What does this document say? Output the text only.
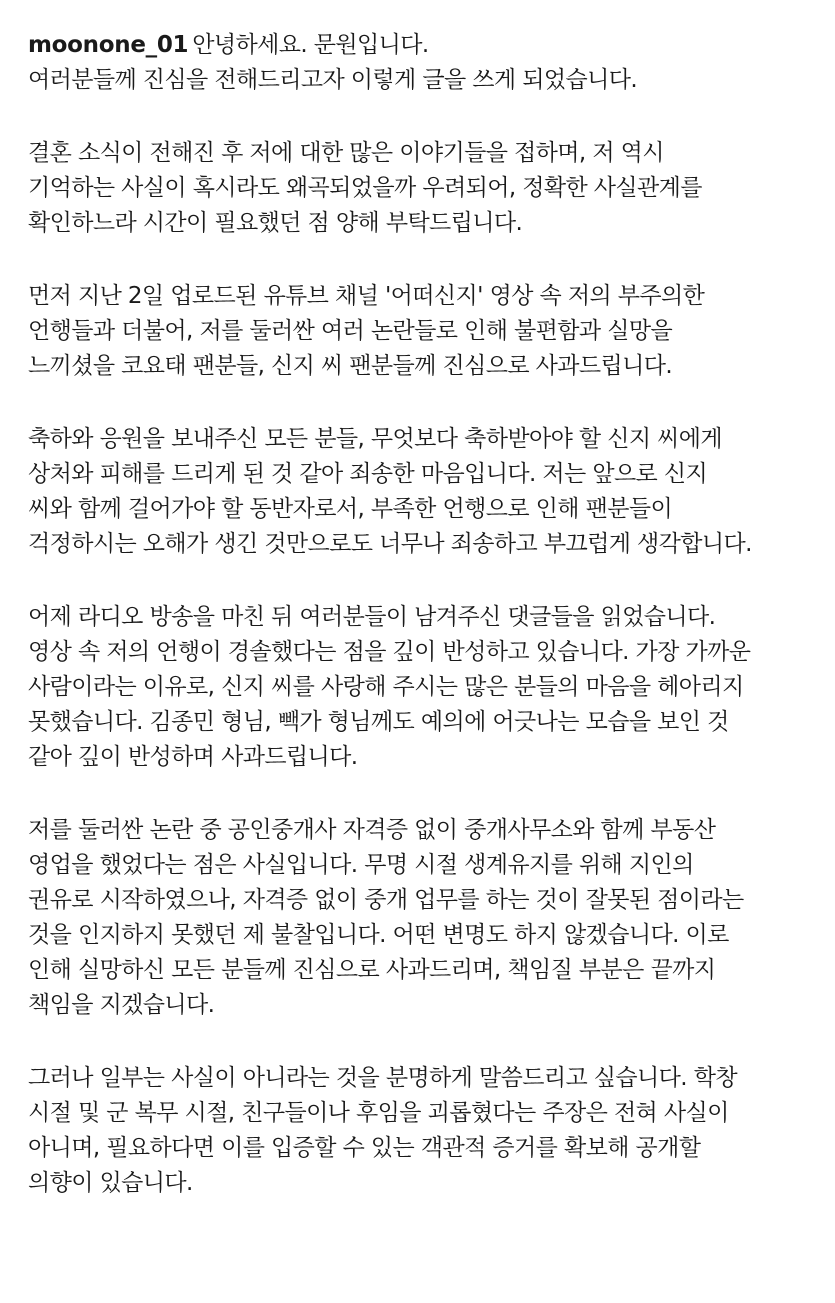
moonone_01 안녕하세요. 문원입니다.
여러분들께 진심을 전해드리고자 이렇게 글을 쓰게 되었습니다.
결혼 소식이 전해진 후 저에 대한 많은 이야기들을 접하며, 저 역시
기억하는 사실이 혹시라도 왜곡되었을까 우려되어, 정확한 사실관계를
확인하느라 시간이 필요했던 점 양해 부탁드립니다.
먼저 지난 2일 업로드된 유튜브 채널 '어떠신지' 영상 속 저의 부주의한
언행들과 더불어, 저를 둘러싼 여러 논란들로 인해 불편함과 실망을
느끼셨을 코요태 팬분들, 신지 씨 팬분들께 진심으로 사과드립니다.
축하와 응원을 보내주신 모든 분들, 무엇보다 축하받아야 할 신지 씨에게
상처와 피해를 드리게 된 것 같아 죄송한 마음입니다. 저는 앞으로 신지
씨와 함께 걸어가야 할 동반자로서, 부족한 언행으로 인해 팬분들이
걱정하시는 오해가 생긴 것만으로도 너무나 죄송하고 부끄럽게 생각합니다.
어제 라디오 방송을 마친 뒤 여러분들이 남겨주신 댓글들을 읽었습니다.
영상 속 저의 언행이 경솔했다는 점을 깊이 반성하고 있습니다. 가장 가까운
사람이라는 이유로, 신지 씨를 사랑해 주시는 많은 분들의 마음을 헤아리지
못했습니다. 김종민 형님, 빽가 형님께도 예의에 어긋나는 모습을 보인 것
같아 깊이 반성하며 사과드립니다.
저를 둘러싼 논란 중 공인중개사 자격증 없이 중개사무소와 함께 부동산
영업을 했었다는 점은 사실입니다. 무명 시절 생계유지를 위해 지인의
권유로 시작하였으나, 자격증 없이 중개 업무를 하는 것이 잘못된 점이라는
것을 인지하지 못했던 제 불찰입니다. 어떤 변명도 하지 않겠습니다. 이로
인해 실망하신 모든 분들께 진심으로 사과드리며, 책임질 부분은 끝까지
책임을 지겠습니다.
그러나 일부는 사실이 아니라는 것을 분명하게 말씀드리고 싶습니다. 학창
시절 및 군 복무 시절, 친구들이나 후임을 괴롭혔다는 주장은 전혀 사실이
아니며, 필요하다면 이를 입증할 수 있는 객관적 증거를 확보해 공개할
의향이 있습니다.
